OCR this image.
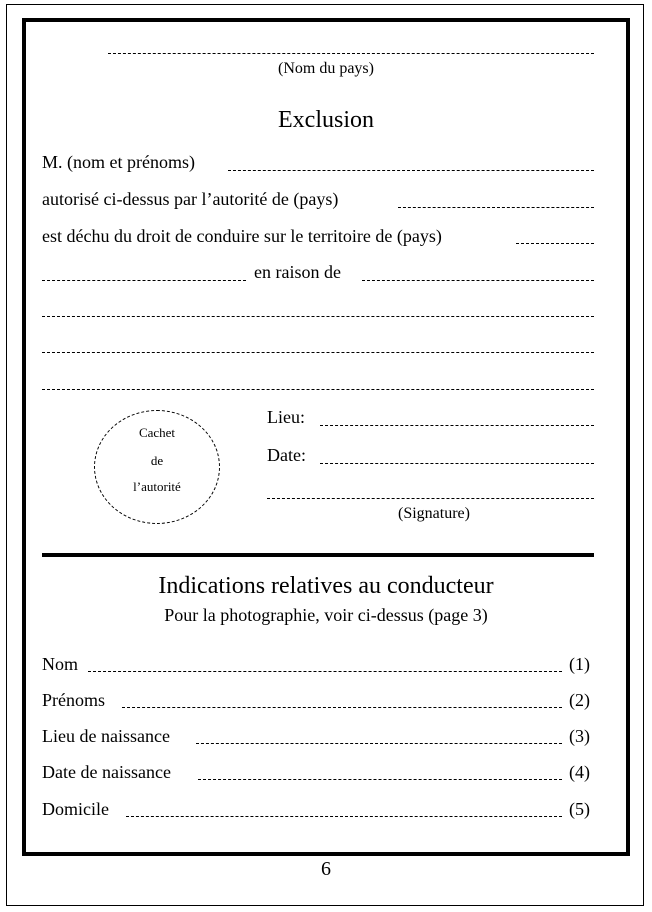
(Nom du pays)
Exclusion
M. (nom et prénoms)
autorisé ci-dessus par l’autorité de (pays)
est déchu du droit de conduire sur le territoire de (pays)
en raison de
Cachet
de
l’autorité
Lieu:
Date:
(Signature)
Indications relatives au conducteur
Pour la photographie, voir ci-dessus (page 3)
Nom	(1)
Prénoms	(2)
Lieu de naissance	(3)
Date de naissance	(4)
Domicile	(5)
6
